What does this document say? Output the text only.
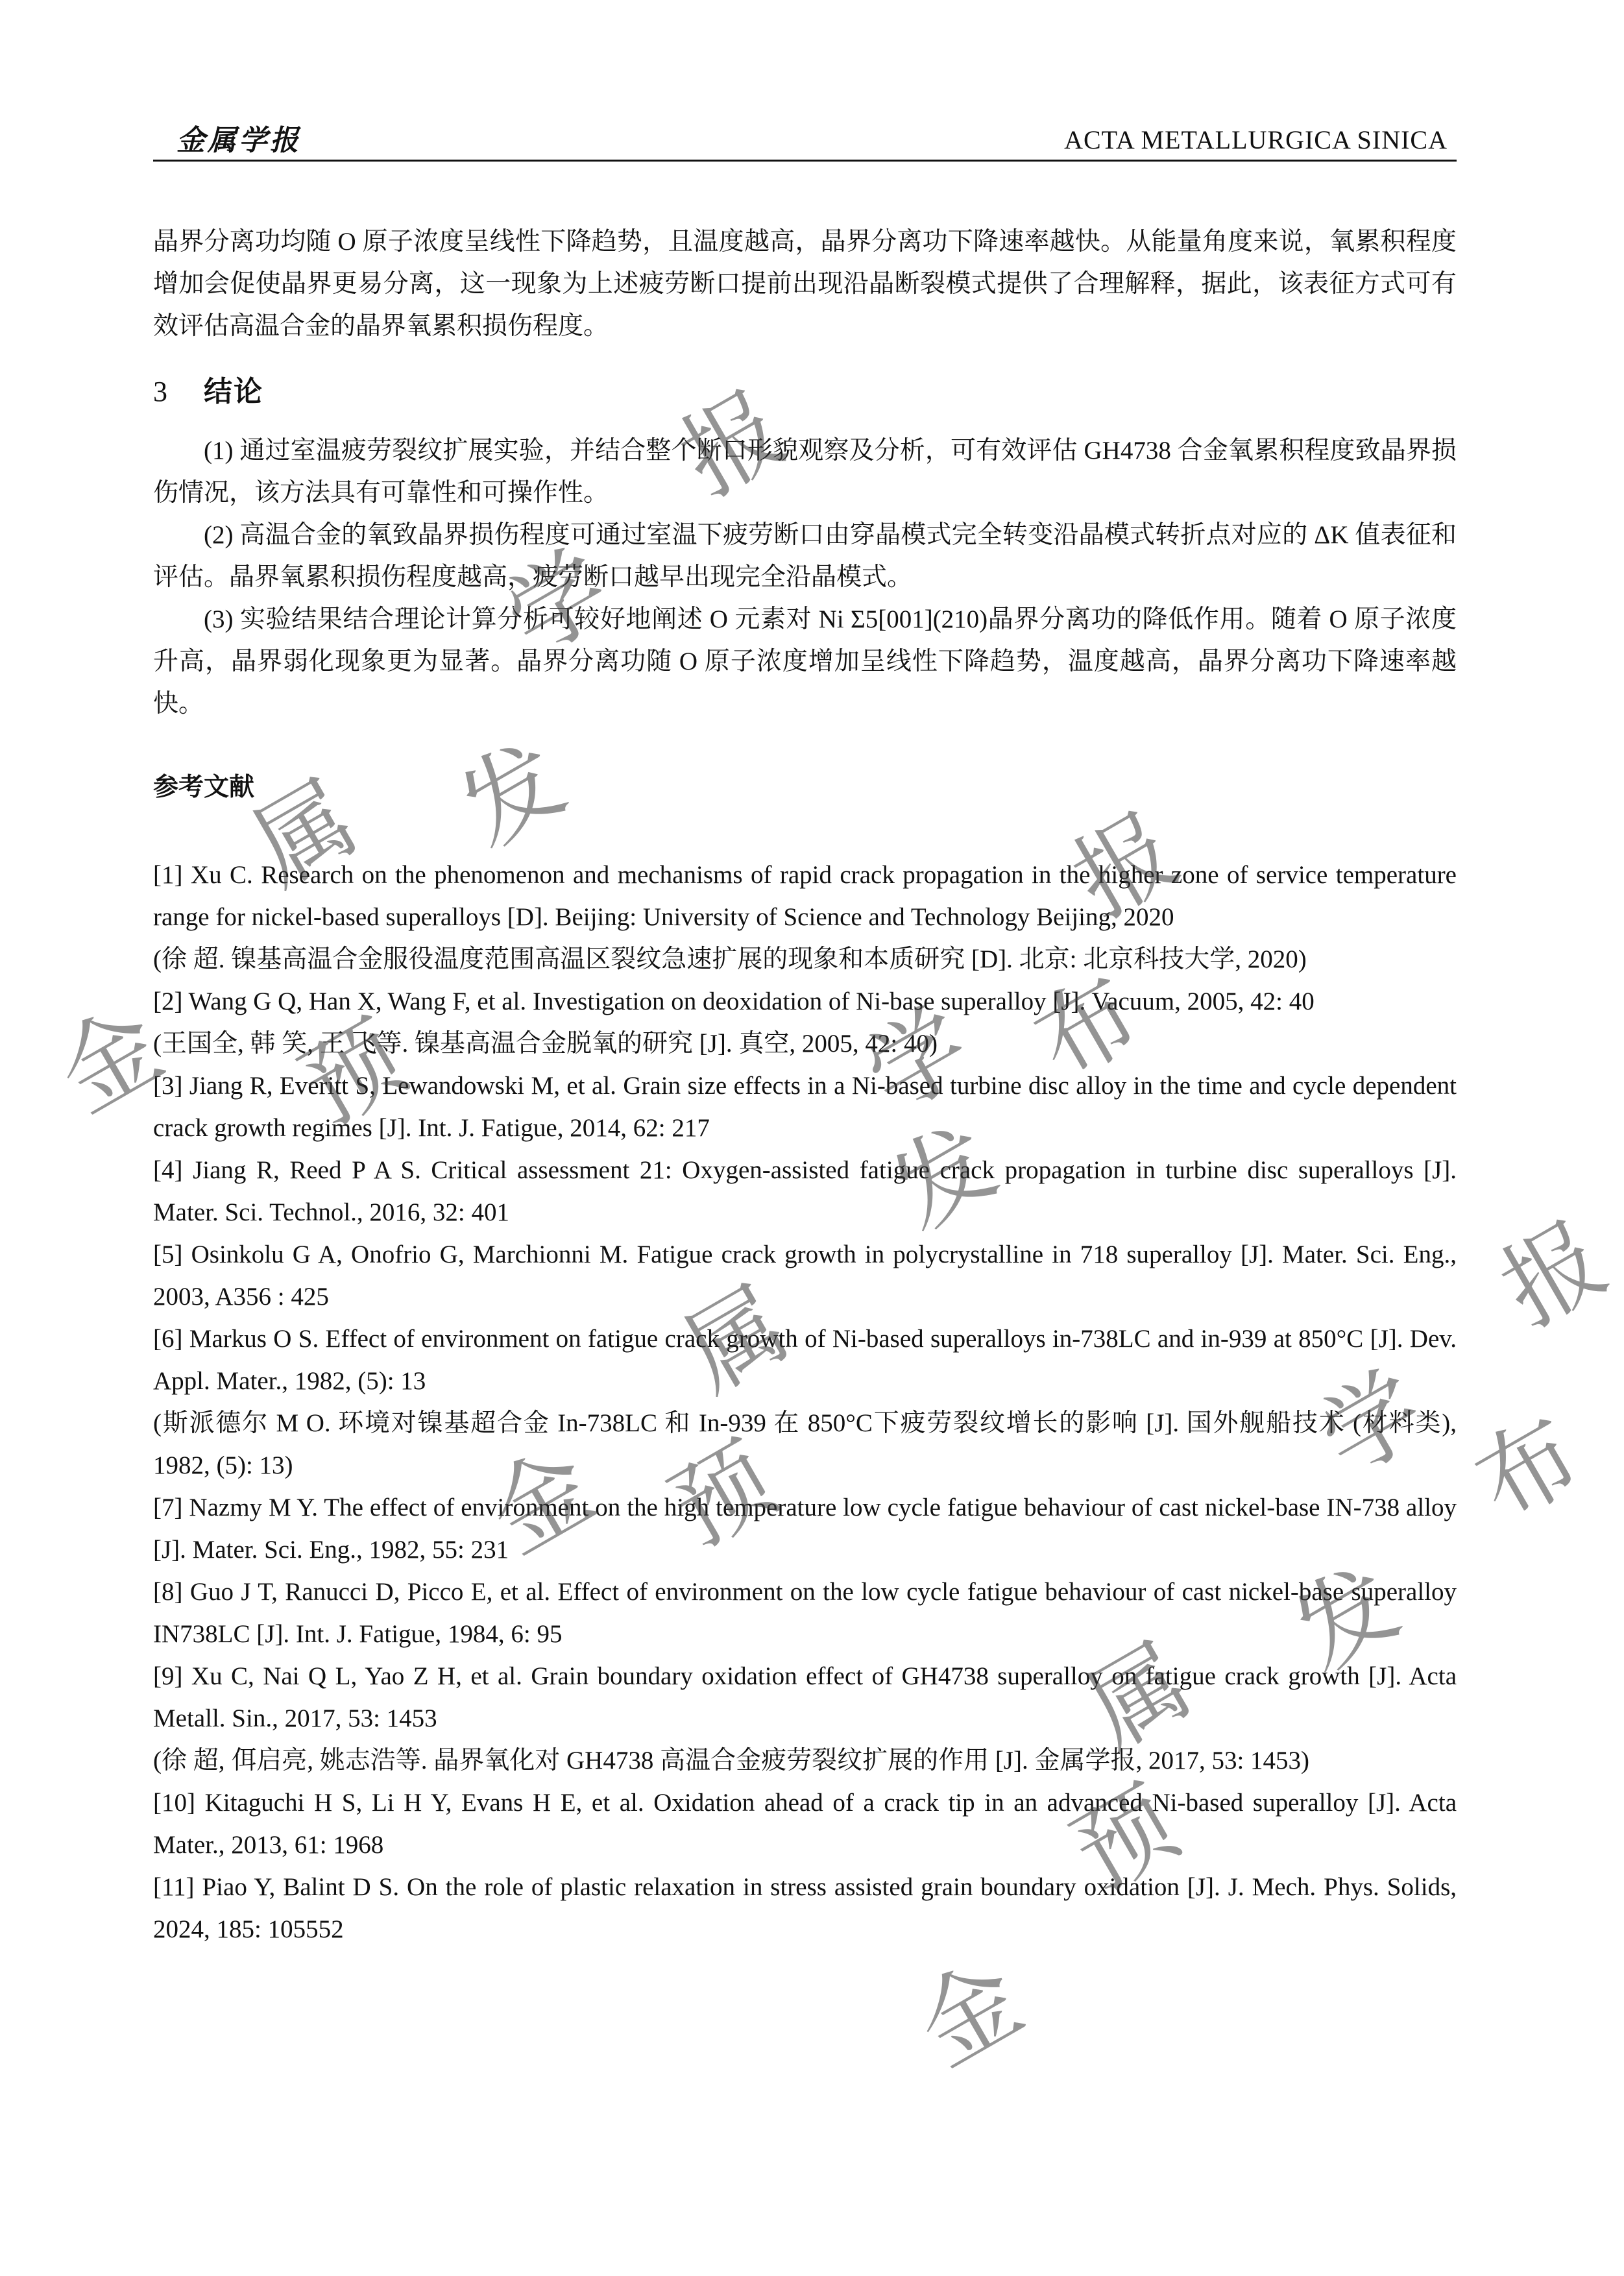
金属学报	ACTA METALLURGICA SINICA

晶界分离功均随 O 原子浓度呈线性下降趋势，且温度越高，晶界分离功下降速率越快。从能量角度来说，氧累积程度增加会促使晶界更易分离，这一现象为上述疲劳断口提前出现沿晶断裂模式提供了合理解释，据此，该表征方式可有效评估高温合金的晶界氧累积损伤程度。

3 结论

(1) 通过室温疲劳裂纹扩展实验，并结合整个断口形貌观察及分析，可有效评估 GH4738 合金氧累积程度致晶界损伤情况，该方法具有可靠性和可操作性。

(2) 高温合金的氧致晶界损伤程度可通过室温下疲劳断口由穿晶模式完全转变沿晶模式转折点对应的 ΔK 值表征和评估。晶界氧累积损伤程度越高，疲劳断口越早出现完全沿晶模式。

(3) 实验结果结合理论计算分析可较好地阐述 O 元素对 Ni Σ5[001](210)晶界分离功的降低作用。随着 O 原子浓度升高，晶界弱化现象更为显著。晶界分离功随 O 原子浓度增加呈线性下降趋势，温度越高，晶界分离功下降速率越快。

参考文献

[1] Xu C. Research on the phenomenon and mechanisms of rapid crack propagation in the higher zone of service temperature range for nickel-based superalloys [D]. Beijing: University of Science and Technology Beijing, 2020

(徐 超. 镍基高温合金服役温度范围高温区裂纹急速扩展的现象和本质研究 [D]. 北京: 北京科技大学, 2020)

[2] Wang G Q, Han X, Wang F, et al. Investigation on deoxidation of Ni-base superalloy [J]. Vacuum, 2005, 42: 40

(王国全, 韩 笑, 王 飞等. 镍基高温合金脱氧的研究 [J]. 真空, 2005, 42: 40)

[3] Jiang R, Everitt S, Lewandowski M, et al. Grain size effects in a Ni-based turbine disc alloy in the time and cycle dependent crack growth regimes [J]. Int. J. Fatigue, 2014, 62: 217

[4] Jiang R, Reed P A S. Critical assessment 21: Oxygen-assisted fatigue crack propagation in turbine disc superalloys [J]. Mater. Sci. Technol., 2016, 32: 401

[5] Osinkolu G A, Onofrio G, Marchionni M. Fatigue crack growth in polycrystalline in 718 superalloy [J]. Mater. Sci. Eng., 2003, A356 : 425

[6] Markus O S. Effect of environment on fatigue crack growth of Ni-based superalloys in-738LC and in-939 at 850°C [J]. Dev. Appl. Mater., 1982, (5): 13

(斯派德尔 M O. 环境对镍基超合金 In-738LC 和 In-939 在 850°C下疲劳裂纹增长的影响 [J]. 国外舰船技术 (材料类), 1982, (5): 13)

[7] Nazmy M Y. The effect of environment on the high temperature low cycle fatigue behaviour of cast nickel-base IN-738 alloy [J]. Mater. Sci. Eng., 1982, 55: 231

[8] Guo J T, Ranucci D, Picco E, et al. Effect of environment on the low cycle fatigue behaviour of cast nickel-base superalloy IN738LC [J]. Int. J. Fatigue, 1984, 6: 95

[9] Xu C, Nai Q L, Yao Z H, et al. Grain boundary oxidation effect of GH4738 superalloy on fatigue crack growth [J]. Acta Metall. Sin., 2017, 53: 1453

(徐 超, 佴启亮, 姚志浩等. 晶界氧化对 GH4738 高温合金疲劳裂纹扩展的作用 [J]. 金属学报, 2017, 53: 1453)

[10] Kitaguchi H S, Li H Y, Evans H E, et al. Oxidation ahead of a crack tip in an advanced Ni-based superalloy [J]. Acta Mater., 2013, 61: 1968

[11] Piao Y, Balint D S. On the role of plastic relaxation in stress assisted grain boundary oxidation [J]. J. Mech. Phys. Solids, 2024, 185: 105552

金
属
学
报
预
发
布
报
学
发
属
金 预	布
报
发
属
学
预
金
